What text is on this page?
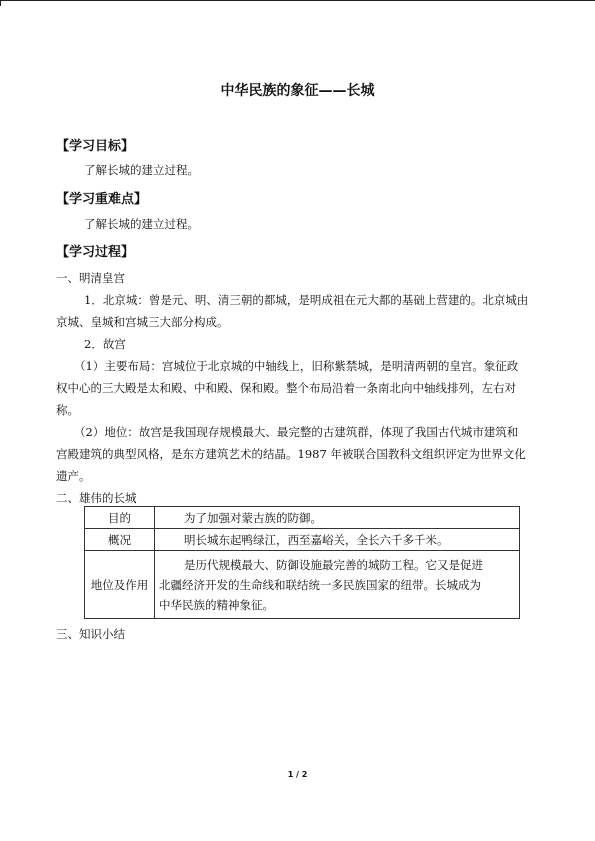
中华民族的象征——长城
【学习目标】
了解长城的建立过程。
【学习重难点】
了解长城的建立过程。
【学习过程】
一、明清皇宫
1．北京城：曾是元、明、清三朝的都城，是明成祖在元大都的基础上营建的。北京城由
京城、皇城和宫城三大部分构成。
2．故宫
（1）主要布局：宫城位于北京城的中轴线上，旧称紫禁城，是明清两朝的皇宫。象征政
权中心的三大殿是太和殿、中和殿、保和殿。整个布局沿着一条南北向中轴线排列，左右对
称。
（2）地位：故宫是我国现存规模最大、最完整的古建筑群，体现了我国古代城市建筑和
宫殿建筑的典型风格，是东方建筑艺术的结晶。1987 年被联合国教科文组织评定为世界文化
遗产。
二、雄伟的长城
目的	为了加强对蒙古族的防御。

概况	明长城东起鸭绿江，西至嘉峪关，全长六千多千米。

地位及作用	是历代规模最大、防御设施最完善的城防工程。它又是促进
北疆经济开发的生命线和联结统一多民族国家的纽带。长城成为
中华民族的精神象征。
三、知识小结
1 / 2
